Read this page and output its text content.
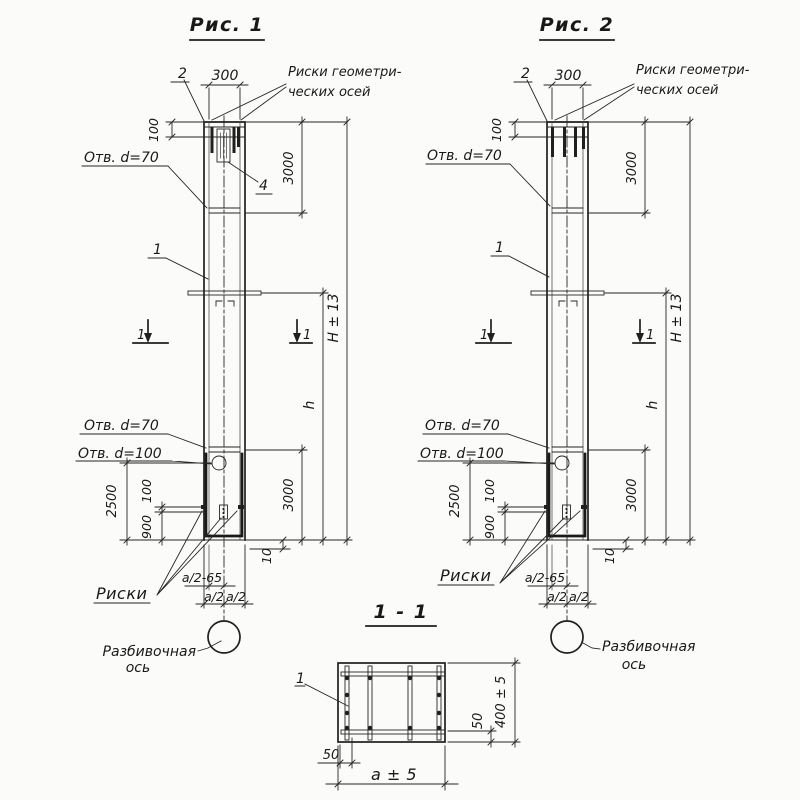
Рис. 1
2 300	Риски геометри-
ческих осей
100
Отв. d=70	3000
4
1
H ± 13
h
1	1
Отв. d=70
Отв. d=100
2500 100
900
3000
10
Риски
a/2-65
a/2 a/2
Разбивочная
ось
Рис. 2
2 300	Риски геометри-
ческих осей
100
Отв. d=70	3000
1
H ± 13
h
1	1
Отв. d=70
Отв. d=100
2500 100
900
3000
10
Риски	a/2-65
a/2 a/2
Разбивочная
ось
1 - 1
1
50
a ± 5
400 ± 5
50
